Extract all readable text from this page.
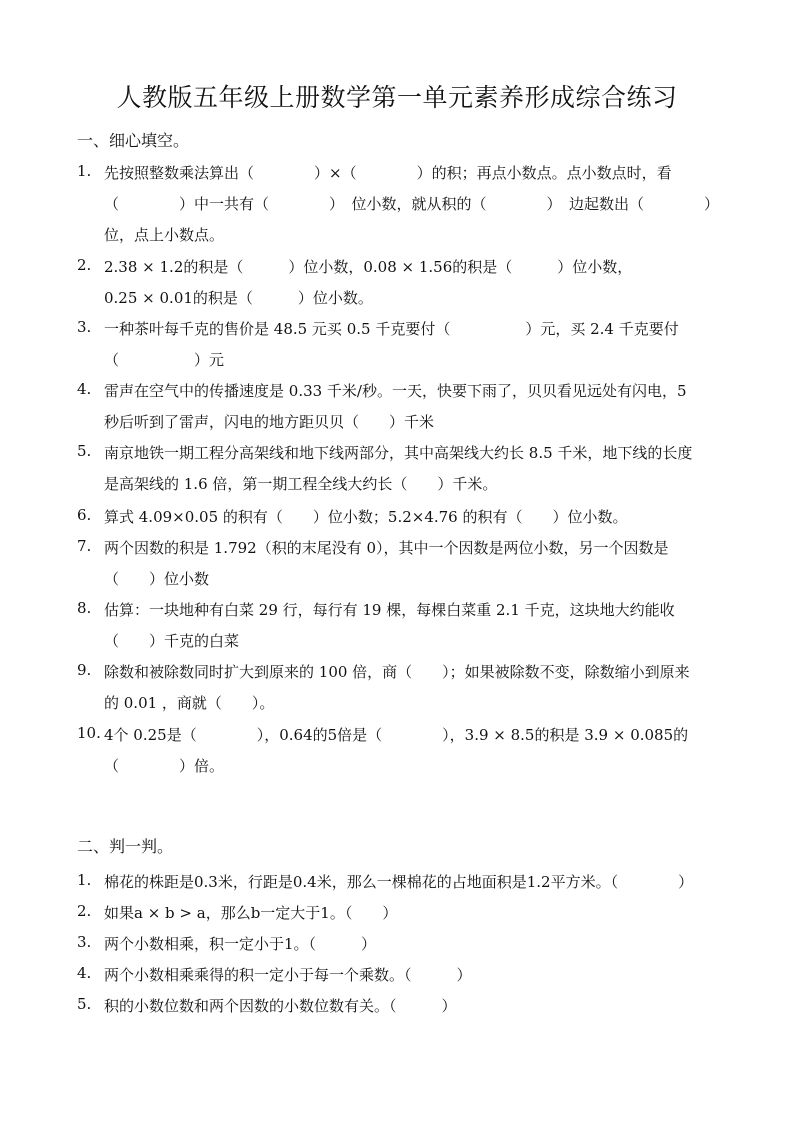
人教版五年级上册数学第一单元素养形成综合练习
一、细心填空。
1. 先按照整数乘法算出（　　　　）×（　　　　）的积；再点小数点。点小数点时，看
（　　　　）中一共有（　　　　）　位小数，就从积的（　　　　）　边起数出（　　　　）
位，点上小数点。
2. 2.38 × 1.2的积是（　　　）位小数，0.08 × 1.56的积是（　　　）位小数，
0.25 × 0.01的积是（　　　）位小数。
3. 一种茶叶每千克的售价是 48.5 元买 0.5 千克要付（　　　　　）元，买 2.4 千克要付
（　　　　　）元
4. 雷声在空气中的传播速度是 0.33 千米/秒。一天，快要下雨了，贝贝看见远处有闪电，5
秒后听到了雷声，闪电的地方距贝贝（　　）千米
5. 南京地铁一期工程分高架线和地下线两部分，其中高架线大约长 8.5 千米，地下线的长度
是高架线的 1.6 倍，第一期工程全线大约长（　　）千米。
6. 算式 4.09×0.05 的积有（　　）位小数；5.2×4.76 的积有（　　）位小数。
7. 两个因数的积是 1.792（积的末尾没有 0），其中一个因数是两位小数，另一个因数是
（　　）位小数
8. 估算：一块地种有白菜 29 行，每行有 19 棵，每棵白菜重 2.1 千克，这块地大约能收
（　　）千克的白菜
9. 除数和被除数同时扩大到原来的 100 倍，商（　　）；如果被除数不变，除数缩小到原来
的 0.01 ，商就（　　）。
10. 4个 0.25是（　　　　），0.64的5倍是（　　　　），3.9 × 8.5的积是 3.9 × 0.085的
（　　　　）倍。
二、判一判。
1. 棉花的株距是0.3米，行距是0.4米，那么一棵棉花的占地面积是1.2平方米。（　　　　）
2. 如果a × b > a，那么b一定大于1。（　　）
3. 两个小数相乘，积一定小于1。（　　　）
4. 两个小数相乘乘得的积一定小于每一个乘数。（　　　）
5. 积的小数位数和两个因数的小数位数有关。（　　　）
